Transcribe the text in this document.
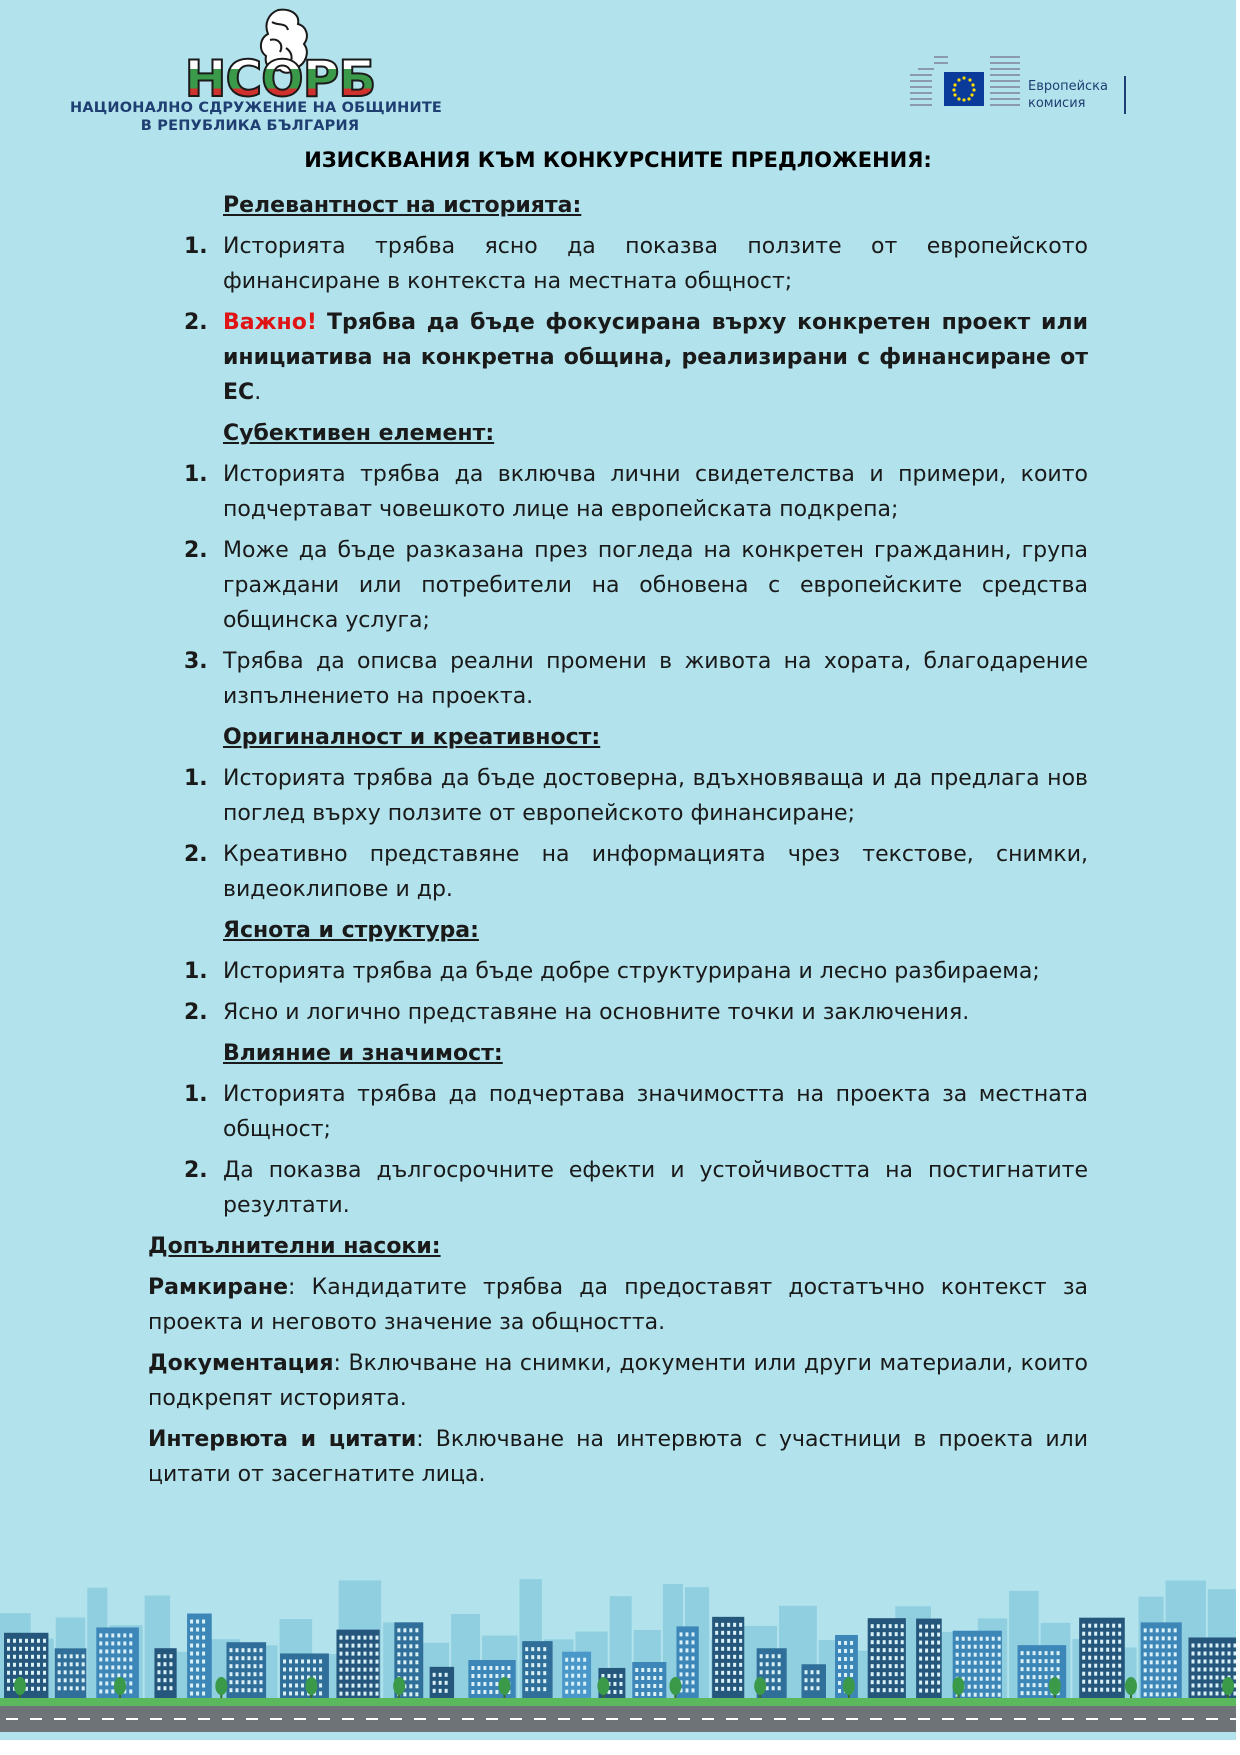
НСОРБ
НАЦИОНАЛНО СДРУЖЕНИЕ НА ОБЩИНИТЕ
В РЕПУБЛИКА БЪЛГАРИЯ
Европейска
комисия
ИЗИСКВАНИЯ КЪМ КОНКУРСНИТЕ ПРЕДЛОЖЕНИЯ:
Релевантност на историята:
1. Историята трябва ясно да показва ползите от европейското финансиране в контекста на местната общност;
2. Важно! Трябва да бъде фокусирана върху конкретен проект или инициатива на конкретна община, реализирани с финансиране от ЕС.
Субективен елемент:
1. Историята трябва да включва лични свидетелства и примери, които подчертават човешкото лице на европейската подкрепа;
2. Може да бъде разказана през погледа на конкретен гражданин, група граждани или потребители на обновена с европейските средства общинска услуга;
3. Трябва да описва реални промени в живота на хората, благодарение изпълнението на проекта.
Оригиналност и креативност:
1. Историята трябва да бъде достоверна, вдъхновяваща и да предлага нов поглед върху ползите от европейското финансиране;
2. Креативно представяне на информацията чрез текстове, снимки, видеоклипове и др.
Яснота и структура:
1. Историята трябва да бъде добре структурирана и лесно разбираема;
2. Ясно и логично представяне на основните точки и заключения.
Влияние и значимост:
1. Историята трябва да подчертава значимостта на проекта за местната общност;
2. Да показва дългосрочните ефекти и устойчивостта на постигнатите резултати.
Допълнителни насоки:
Рамкиране: Кандидатите трябва да предоставят достатъчно контекст за проекта и неговото значение за общността.
Документация: Включване на снимки, документи или други материали, които подкрепят историята.
Интервюта и цитати: Включване на интервюта с участници в проекта или цитати от засегнатите лица.
